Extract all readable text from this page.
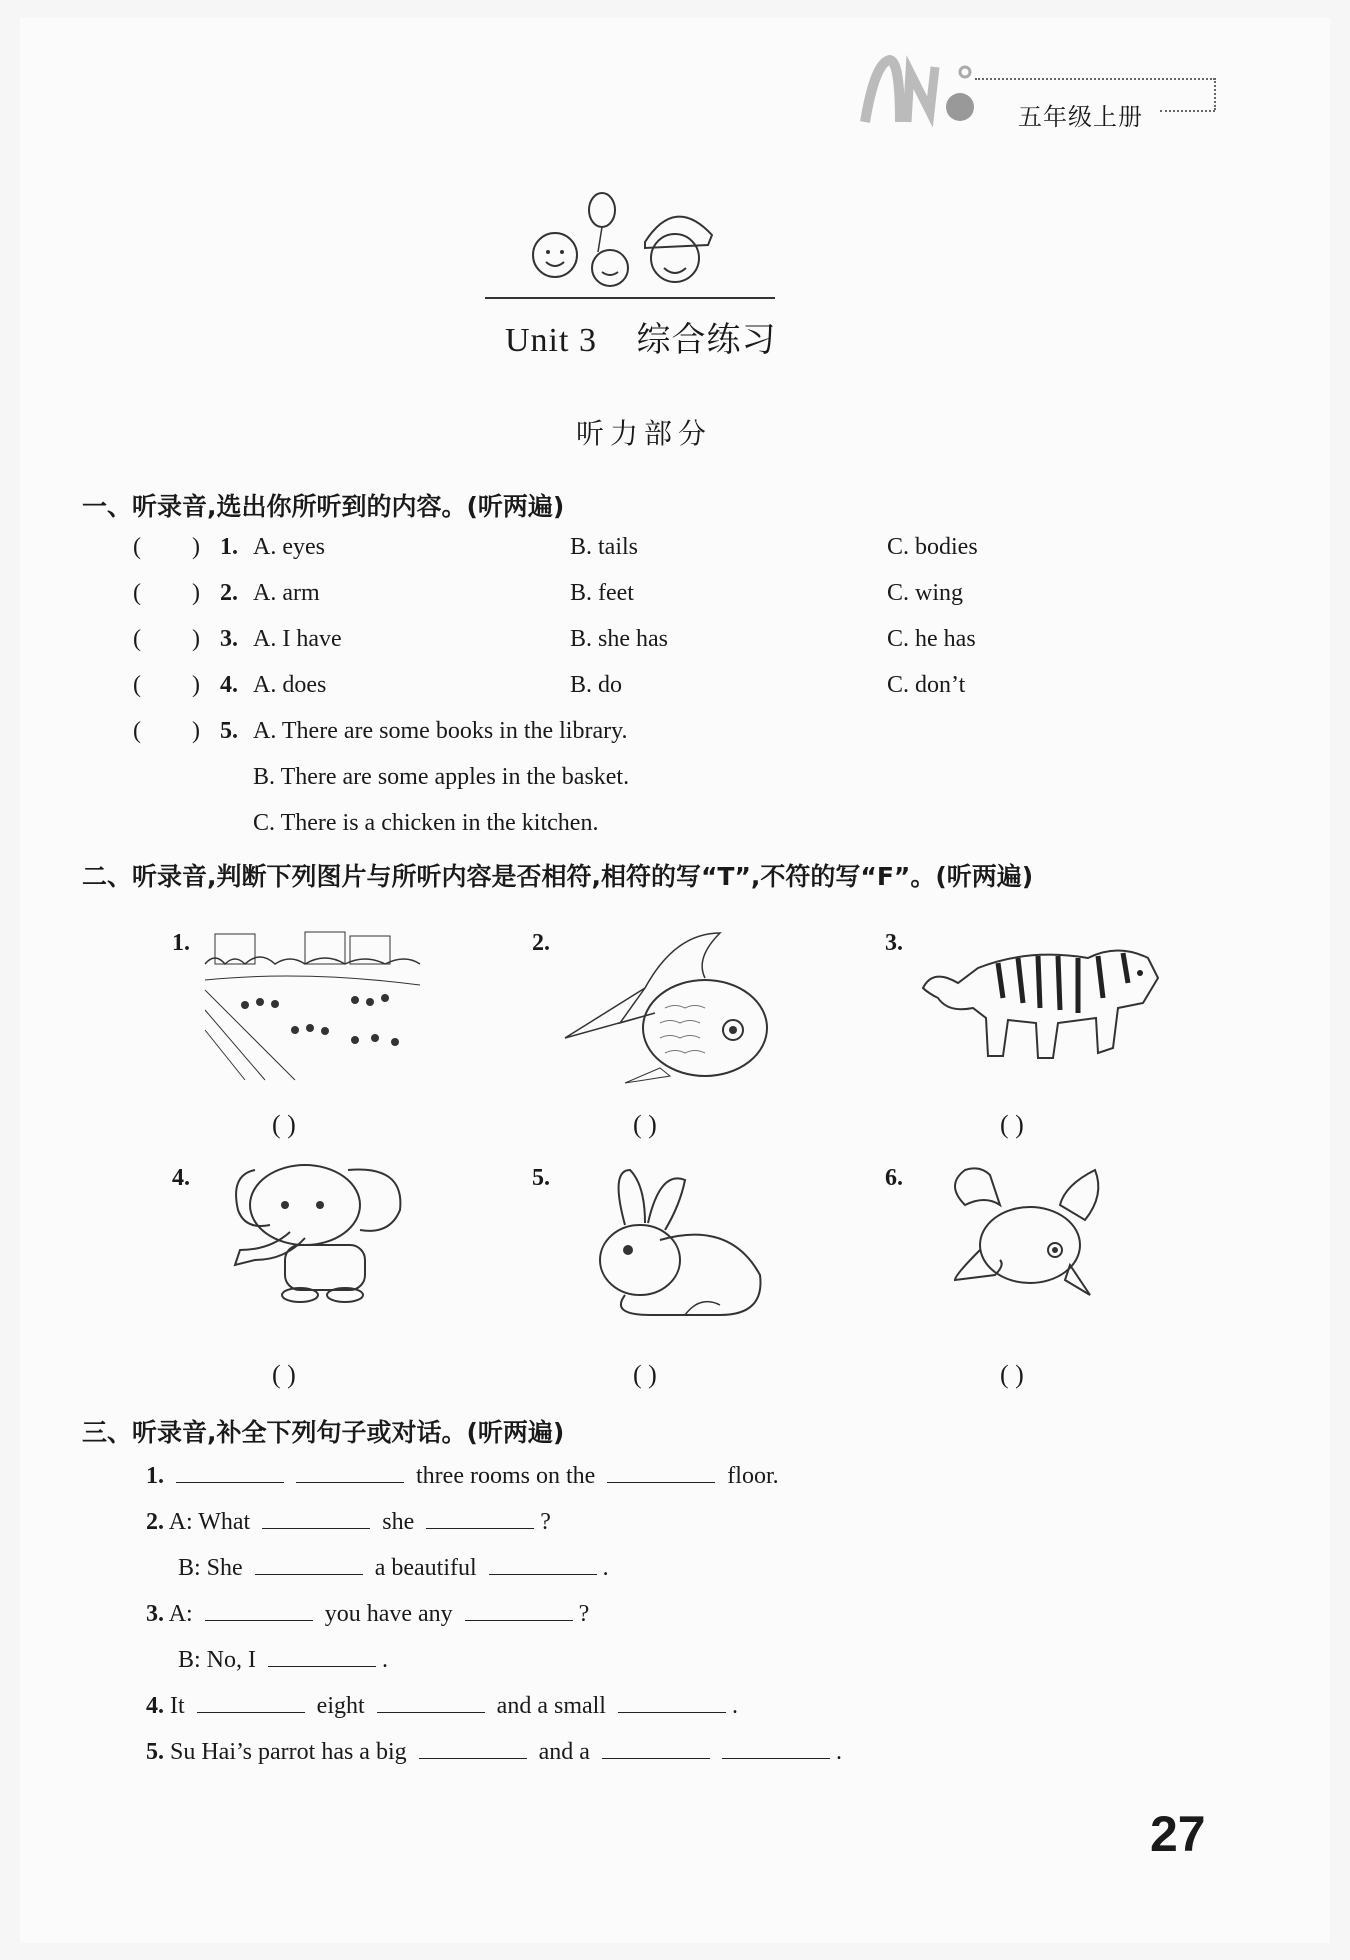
五年级上册
Unit 3 综合练习
听力部分
一、听录音,选出你所听到的内容。(听两遍)
( ) 1. A. eyes	B. tails	C. bodies
( ) 2. A. arm	B. feet	C. wing
( ) 3. A. I have	B. she has	C. he has
( ) 4. A. does	B. do	C. don’t
( ) 5. A. There are some books in the library.
B. There are some apples in the basket.
C. There is a chicken in the kitchen.
二、听录音,判断下列图片与所听内容是否相符,相符的写“T”,不符的写“F”。(听两遍)
1.
( )
2.
( )
3.
( )
4.
( )
5.
( )
6.
( )
三、听录音,补全下列句子或对话。(听两遍)
1.	three rooms on the	floor.
2. A: What	she	?
B: She	a beautiful	.
3. A:	you have any	?
B: No, I	.
4. It	eight	and a small	.
5. Su Hai’s parrot has a big	and a	.
27
